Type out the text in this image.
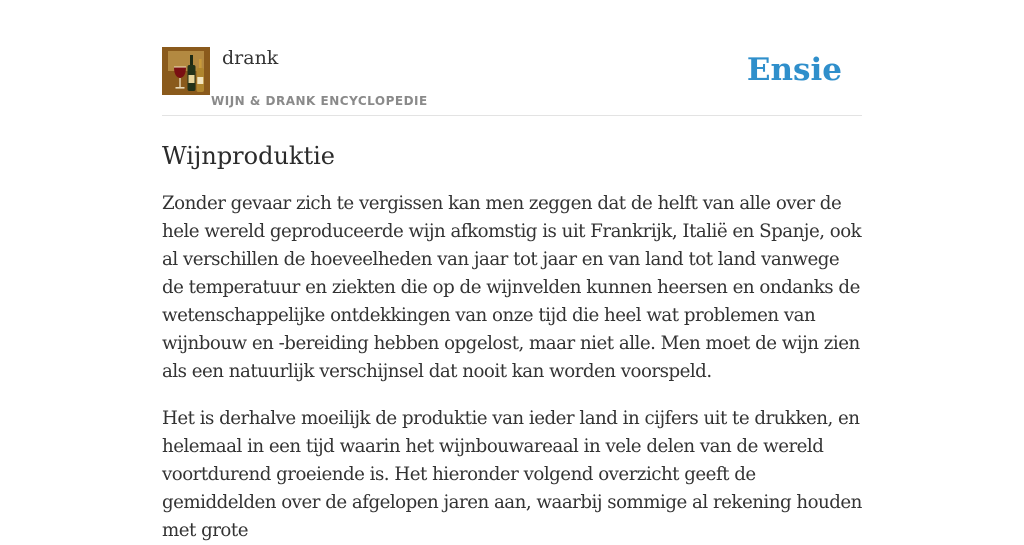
drank
WIJN & DRANK ENCYCLOPEDIE
Ensie
Wijnproduktie

Zonder gevaar zich te vergissen kan men zeggen dat de helft van alle over de hele wereld geproduceerde wijn afkomstig is uit Frankrijk, Italië en Spanje, ook al verschillen de hoeveelheden van jaar tot jaar en van land tot land vanwege de temperatuur en ziekten die op de wijnvelden kunnen heersen en ondanks de wetenschappelijke ontdekkingen van onze tijd die heel wat problemen van wijnbouw en -bereiding hebben opgelost, maar niet alle. Men moet de wijn zien als een natuurlijk verschijnsel dat nooit kan worden voorspeld.

Het is derhalve moeilijk de produktie van ieder land in cijfers uit te drukken, en helemaal in een tijd waarin het wijnbouwareaal in vele delen van de wereld voortdurend groeiende is. Het hieronder volgend overzicht geeft de gemiddelden over de afgelopen jaren aan, waarbij sommige al rekening houden met grote
